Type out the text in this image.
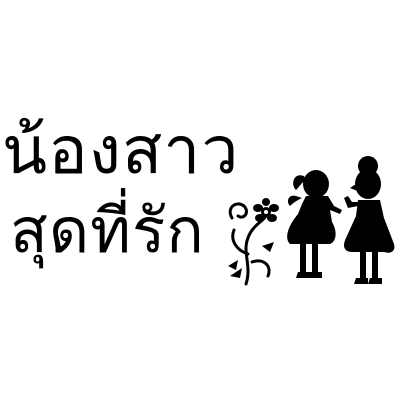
น้องสาว
สุดที่รัก
